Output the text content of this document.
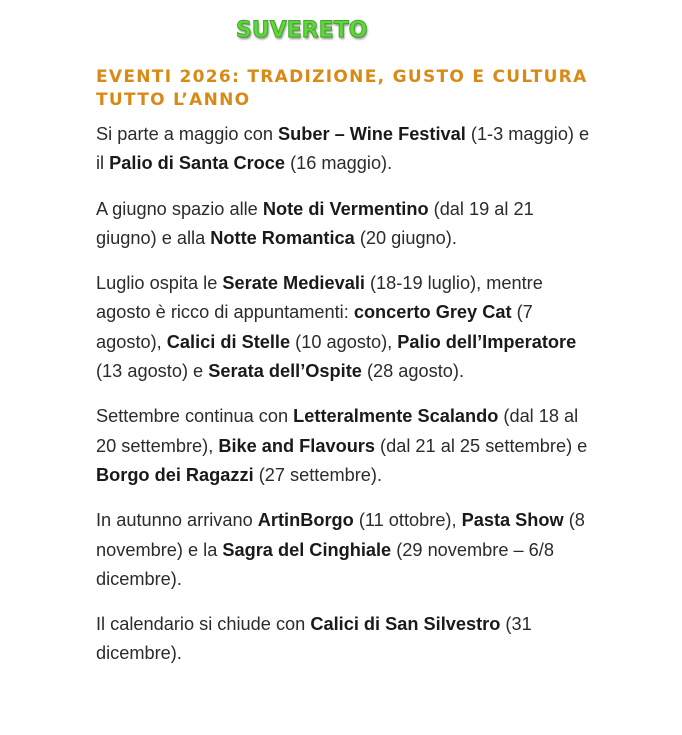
SUVERETO
EVENTI 2026: TRADIZIONE, GUSTO E CULTURA TUTTO L’ANNO

Si parte a maggio con Suber – Wine Festival (1-3 maggio) e il Palio di Santa Croce (16 maggio).

A giugno spazio alle Note di Vermentino (dal 19 al 21 giugno) e alla Notte Romantica (20 giugno).

Luglio ospita le Serate Medievali (18-19 luglio), mentre agosto è ricco di appuntamenti: concerto Grey Cat (7 agosto), Calici di Stelle (10 agosto), Palio dell’Imperatore (13 agosto) e Serata dell’Ospite (28 agosto).

Settembre continua con Letteralmente Scalando (dal 18 al 20 settembre), Bike and Flavours (dal 21 al 25 settembre) e Borgo dei Ragazzi (27 settembre).

In autunno arrivano ArtinBorgo (11 ottobre), Pasta Show (8 novembre) e la Sagra del Cinghiale (29 novembre – 6/8 dicembre).

Il calendario si chiude con Calici di San Silvestro (31 dicembre).
